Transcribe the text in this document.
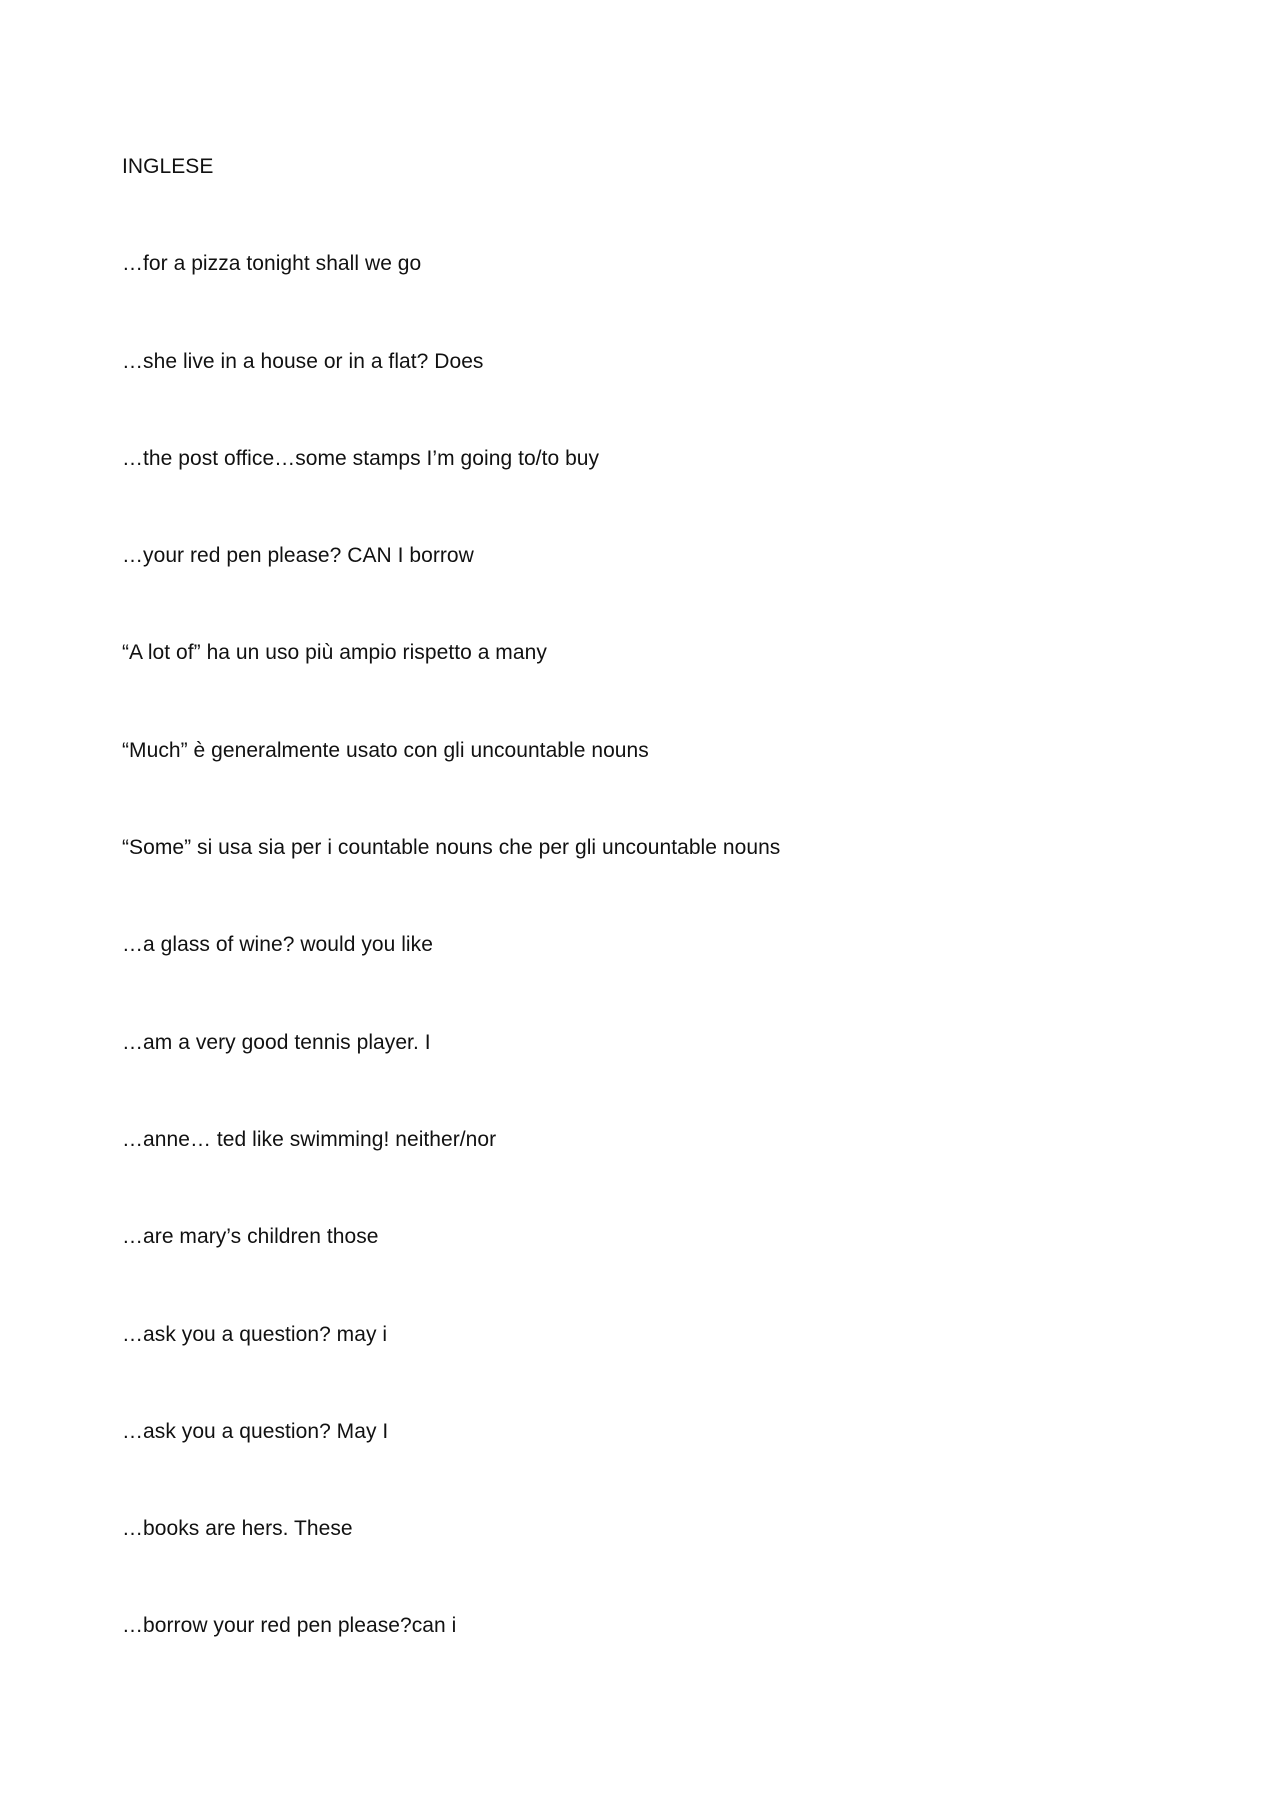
INGLESE
…for a pizza tonight shall we go
…she live in a house or in a flat? Does
…the post office…some stamps I’m going to/to buy
…your red pen please? CAN I borrow
“A lot of” ha un uso più ampio rispetto a many
“Much” è generalmente usato con gli uncountable nouns
“Some” si usa sia per i countable nouns che per gli uncountable nouns
…a glass of wine? would you like
…am a very good tennis player. I
…anne… ted like swimming! neither/nor
…are mary’s children those
…ask you a question? may i
…ask you a question? May I
…books are hers. These
…borrow your red pen please?can i
